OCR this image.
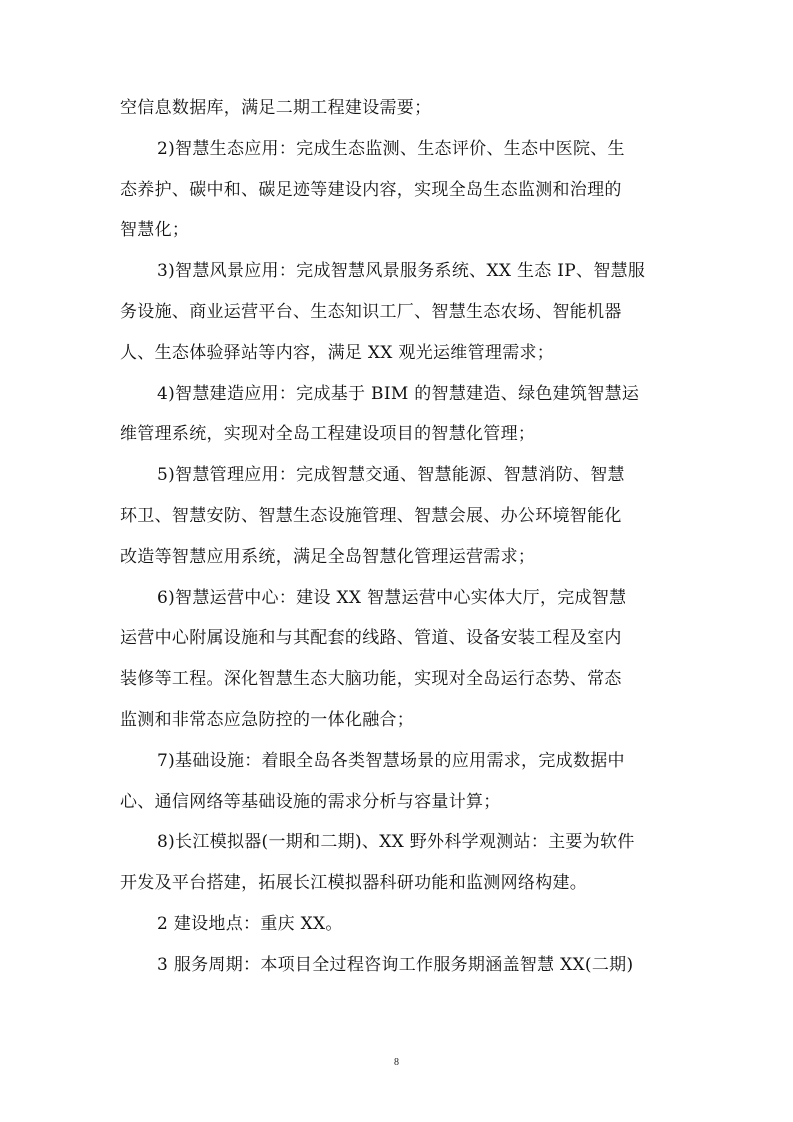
空信息数据库，满足二期工程建设需要；
2)智慧生态应用：完成生态监测、生态评价、生态中医院、生
态养护、碳中和、碳足迹等建设内容，实现全岛生态监测和治理的
智慧化；
3)智慧风景应用：完成智慧风景服务系统、XX 生态 IP、智慧服
务设施、商业运营平台、生态知识工厂、智慧生态农场、智能机器
人、生态体验驿站等内容，满足 XX 观光运维管理需求；
4)智慧建造应用：完成基于 BIM 的智慧建造、绿色建筑智慧运
维管理系统，实现对全岛工程建设项目的智慧化管理；
5)智慧管理应用：完成智慧交通、智慧能源、智慧消防、智慧
环卫、智慧安防、智慧生态设施管理、智慧会展、办公环境智能化
改造等智慧应用系统，满足全岛智慧化管理运营需求；
6)智慧运营中心：建设 XX 智慧运营中心实体大厅，完成智慧
运营中心附属设施和与其配套的线路、管道、设备安装工程及室内
装修等工程。深化智慧生态大脑功能，实现对全岛运行态势、常态
监测和非常态应急防控的一体化融合；
7)基础设施：着眼全岛各类智慧场景的应用需求，完成数据中
心、通信网络等基础设施的需求分析与容量计算；
8)长江模拟器(一期和二期)、XX 野外科学观测站：主要为软件
开发及平台搭建，拓展长江模拟器科研功能和监测网络构建。
2 建设地点：重庆 XX。
3 服务周期：本项目全过程咨询工作服务期涵盖智慧 XX(二期)
8
